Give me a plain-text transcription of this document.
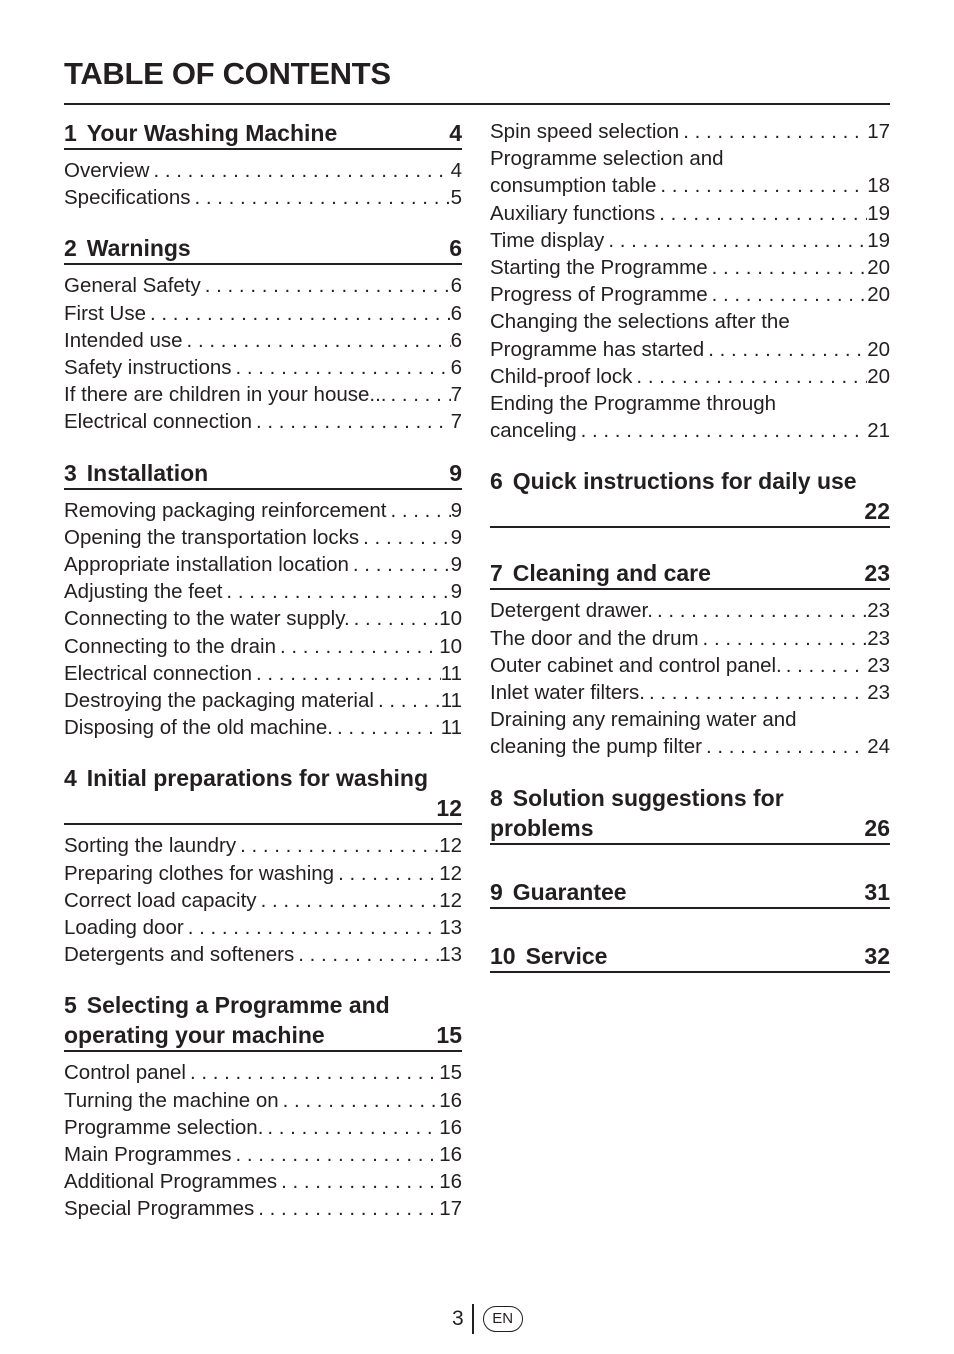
TABLE OF CONTENTS
1 Your Washing Machine	4
Overview . . .	4
Specifications . . .	5
2 Warnings	6
General Safety . . .	6
First Use . . .	6
Intended use . . .	6
Safety instructions . . .	6
If there are children in your house... . . .	7
Electrical connection . . .	7
3 Installation	9
Removing packaging reinforcement . . .	9
Opening the transportation locks . . .	9
Appropriate installation location . . .	9
Adjusting the feet . . .	9
Connecting to the water supply. . . .	10
Connecting to the drain . . .	10
Electrical connection . . .	11
Destroying the packaging material . . .	11
Disposing of the old machine. . . .	11
4 Initial preparations for washing
12
Sorting the laundry . . .	12
Preparing clothes for washing . . .	12
Correct load capacity . . .	12
Loading door . . .	13
Detergents and softeners . . .	13
5 Selecting a Programme and
operating your machine	15
Control panel . . .	15
Turning the machine on . . .	16
Programme selection. . . .	16
Main Programmes . . .	16
Additional Programmes . . .	16
Special Programmes . . .	17
Spin speed selection . . .	17
Programme selection and
consumption table . . .	18
Auxiliary functions . . .	19
Time display . . .	19
Starting the Programme . . .	20
Progress of Programme . . .	20
Changing the selections after the
Programme has started . . .	20
Child-proof lock . . .	20
Ending the Programme through
canceling . . .	21
6 Quick instructions for daily use
22
7 Cleaning and care	23
Detergent drawer. . . .	23
The door and the drum . . .	23
Outer cabinet and control panel. . . .	23
Inlet water filters. . . .	23
Draining any remaining water and
cleaning the pump filter . . .	24
8 Solution suggestions for
problems	26
9 Guarantee	31
10 Service	32
3	EN
